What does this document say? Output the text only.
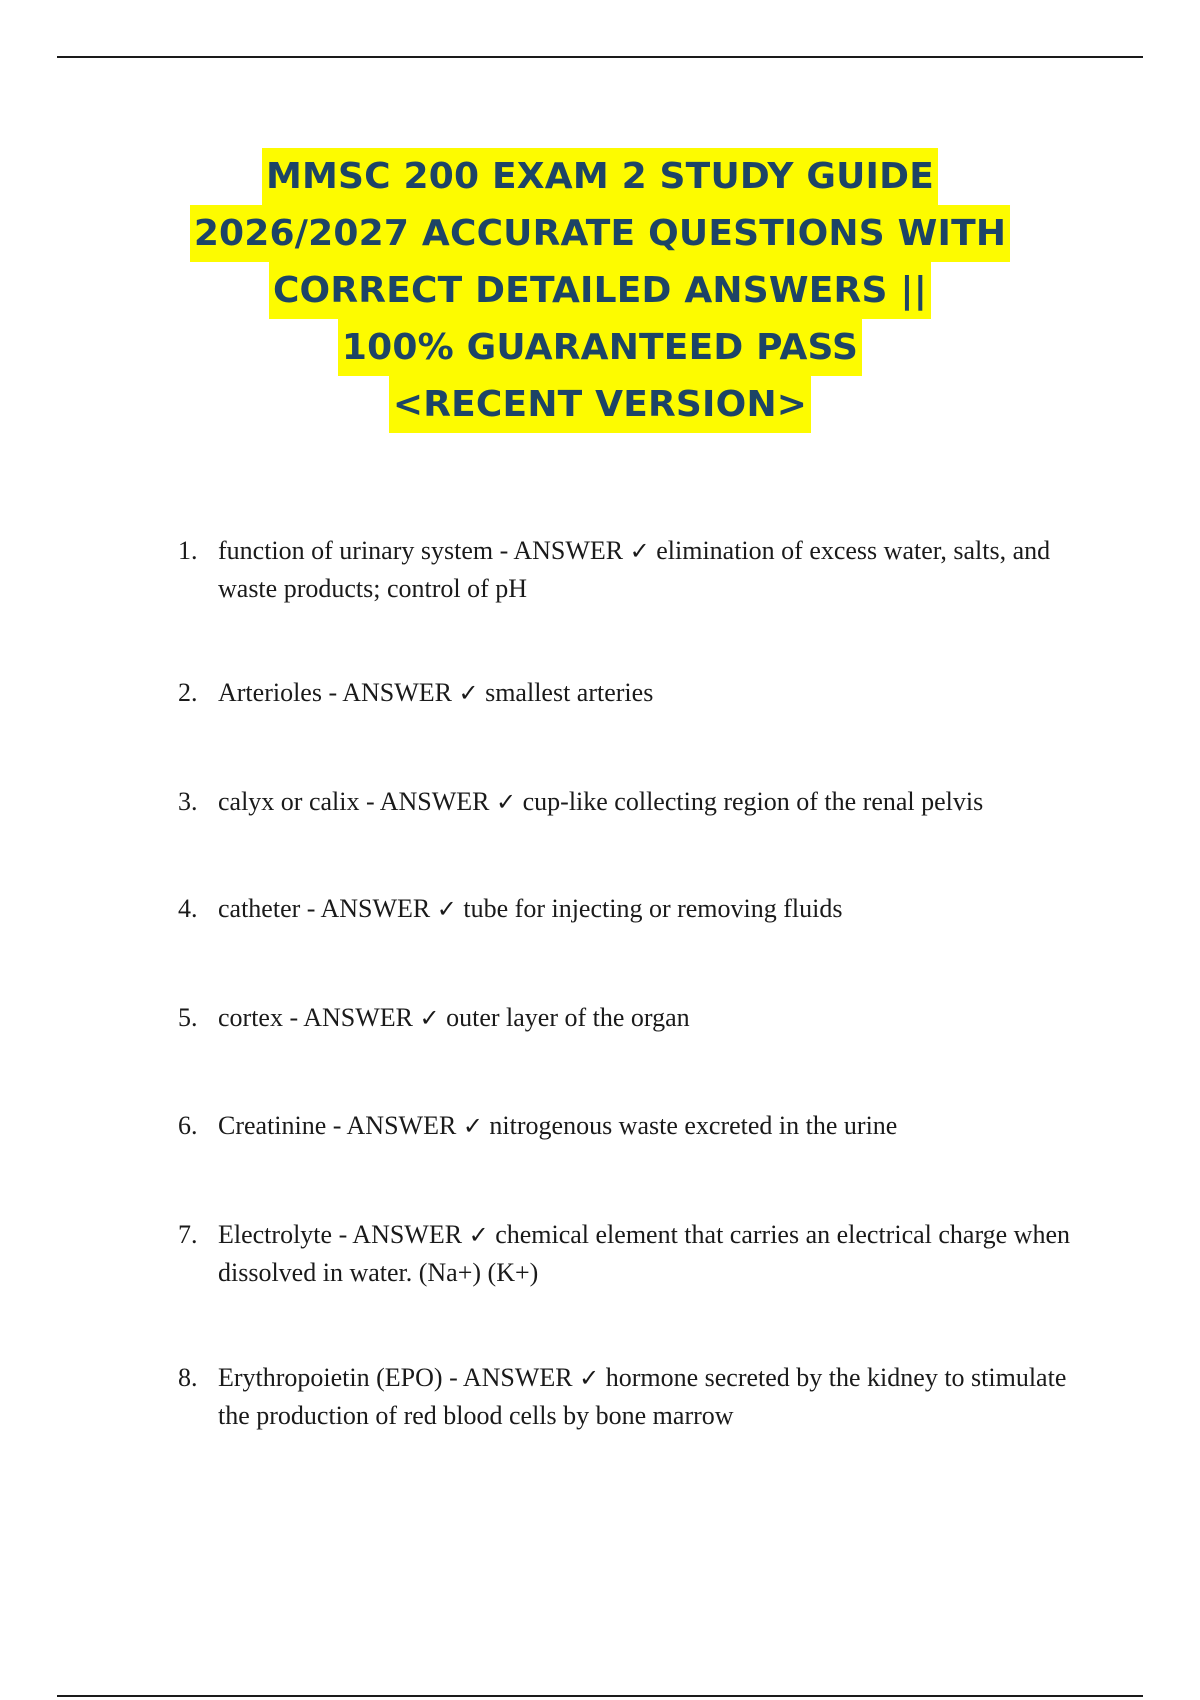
MMSC 200 EXAM 2 STUDY GUIDE
2026/2027 ACCURATE QUESTIONS WITH
CORRECT DETAILED ANSWERS ||
100% GUARANTEED PASS
<RECENT VERSION>
1. function of urinary system - ANSWER ✓ elimination of excess water, salts, and waste products; control of pH
2. Arterioles - ANSWER ✓ smallest arteries
3. calyx or calix - ANSWER ✓ cup-like collecting region of the renal pelvis
4. catheter - ANSWER ✓ tube for injecting or removing fluids
5. cortex - ANSWER ✓ outer layer of the organ
6. Creatinine - ANSWER ✓ nitrogenous waste excreted in the urine
7. Electrolyte - ANSWER ✓ chemical element that carries an electrical charge when dissolved in water. (Na+) (K+)
8. Erythropoietin (EPO) - ANSWER ✓ hormone secreted by the kidney to stimulate the production of red blood cells by bone marrow
